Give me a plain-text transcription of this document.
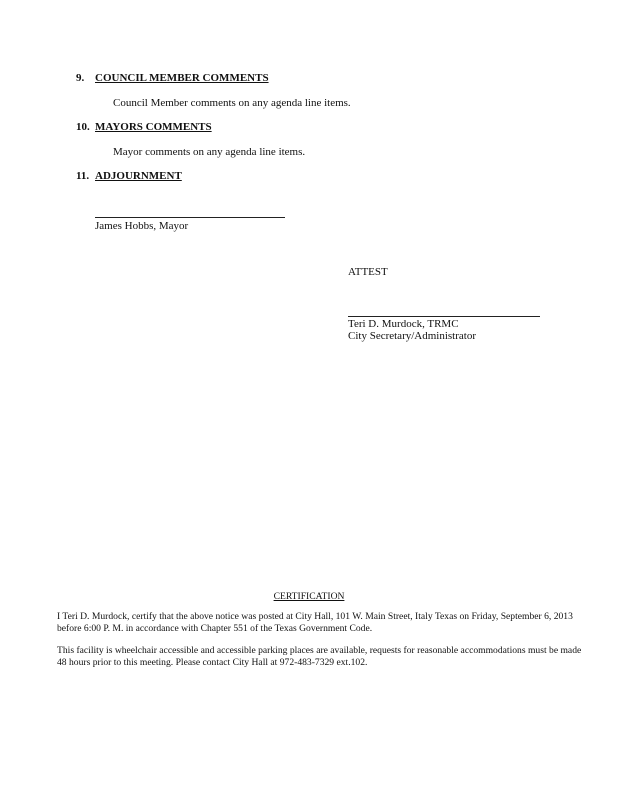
9. COUNCIL MEMBER COMMENTS
Council Member comments on any agenda line items.
10. MAYORS COMMENTS
Mayor comments on any agenda line items.
11. ADJOURNMENT
James Hobbs, Mayor
ATTEST
Teri D. Murdock, TRMC
City Secretary/Administrator
CERTIFICATION
I Teri D. Murdock, certify that the above notice was posted at City Hall, 101 W. Main Street, Italy Texas on Friday, September 6, 2013
before 6:00 P. M. in accordance with Chapter 551 of the Texas Government Code.
This facility is wheelchair accessible and accessible parking places are available, requests for reasonable accommodations must be made
48 hours prior to this meeting. Please contact City Hall at 972-483-7329 ext.102.
